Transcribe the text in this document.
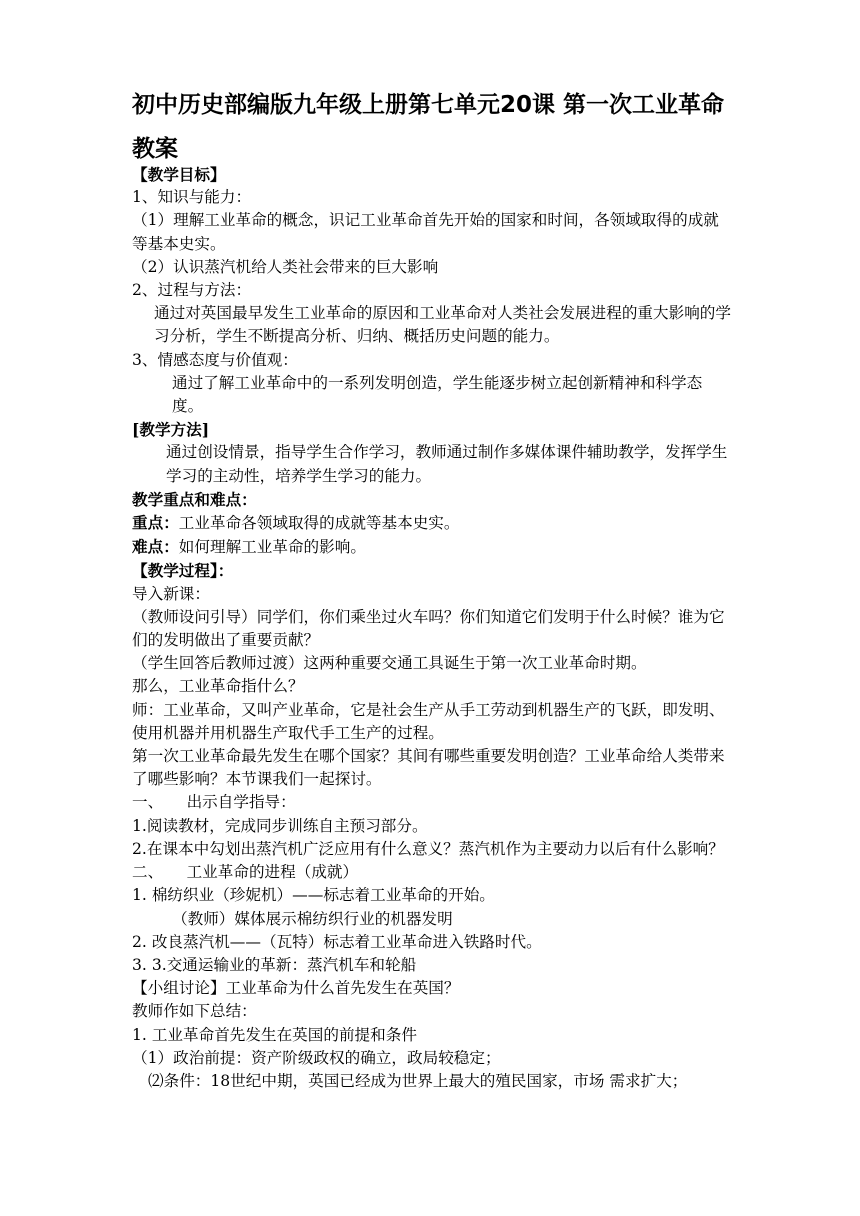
初中历史部编版九年级上册第七单元20课 第一次工业革命
教案

【教学目标】

1、知识与能力：

（1）理解工业革命的概念，识记工业革命首先开始的国家和时间，各领域取得的成就等基本史实。

（2）认识蒸汽机给人类社会带来的巨大影响

2、过程与方法：

通过对英国最早发生工业革命的原因和工业革命对人类社会发展进程的重大影响的学习分析，学生不断提高分析、归纳、概括历史问题的能力。

3、情感态度与价值观：

通过了解工业革命中的一系列发明创造，学生能逐步树立起创新精神和科学态度。

[教学方法]

通过创设情景，指导学生合作学习，教师通过制作多媒体课件辅助教学，发挥学生学习的主动性，培养学生学习的能力。

教学重点和难点：

重点：工业革命各领域取得的成就等基本史实。

难点：如何理解工业革命的影响。

【教学过程】：

导入新课：

（教师设问引导）同学们，你们乘坐过火车吗？你们知道它们发明于什么时候？谁为它们的发明做出了重要贡献？

（学生回答后教师过渡）这两种重要交通工具诞生于第一次工业革命时期。

那么，工业革命指什么？

师：工业革命，又叫产业革命，它是社会生产从手工劳动到机器生产的飞跃，即发明、使用机器并用机器生产取代手工生产的过程。

第一次工业革命最先发生在哪个国家？其间有哪些重要发明创造？工业革命给人类带来了哪些影响？本节课我们一起探讨。

一、　　出示自学指导：

1.阅读教材，完成同步训练自主预习部分。

2.在课本中勾划出蒸汽机广泛应用有什么意义？蒸汽机作为主要动力以后有什么影响？

二、　　工业革命的进程（成就）

1. 棉纺织业（珍妮机）——标志着工业革命的开始。

（教师）媒体展示棉纺织行业的机器发明

2. 改良蒸汽机——（瓦特）标志着工业革命进入铁路时代。

3. 3.交通运输业的革新：蒸汽机车和轮船

【小组讨论】工业革命为什么首先发生在英国？

教师作如下总结：

1. 工业革命首先发生在英国的前提和条件

（1）政治前提：资产阶级政权的确立，政局较稳定；

⑵条件：18世纪中期，英国已经成为世界上最大的殖民国家，市场 需求扩大；
